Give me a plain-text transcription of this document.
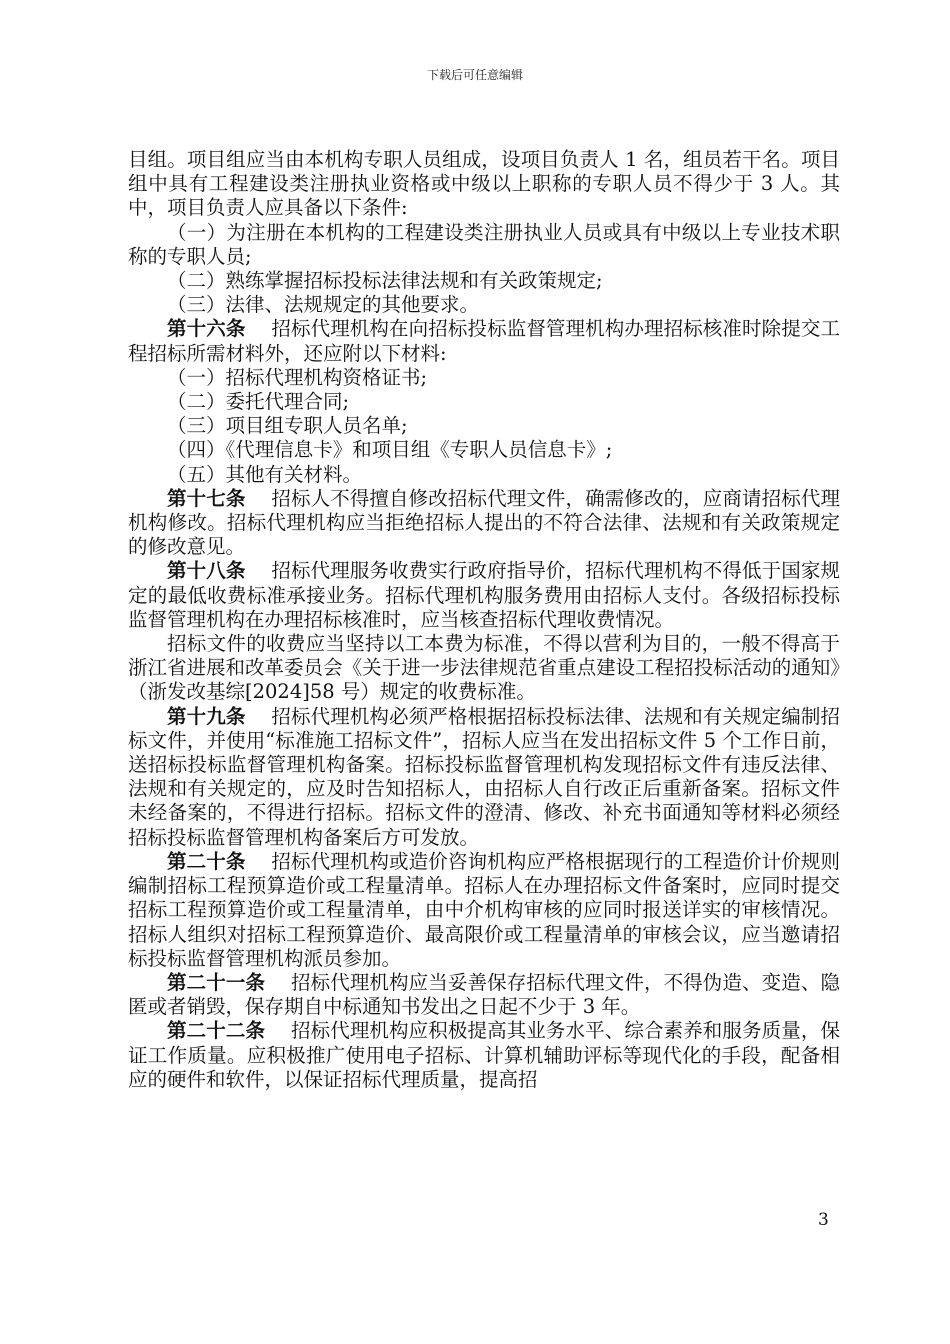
下载后可任意编辑

目组。项目组应当由本机构专职人员组成，设项目负责人 1 名，组员若干名。项目组中具有工程建设类注册执业资格或中级以上职称的专职人员不得少于 3 人。其中，项目负责人应具备以下条件:

（一）为注册在本机构的工程建设类注册执业人员或具有中级以上专业技术职称的专职人员;

（二）熟练掌握招标投标法律法规和有关政策规定;

（三）法律、法规规定的其他要求。

第十六条　 招标代理机构在向招标投标监督管理机构办理招标核准时除提交工程招标所需材料外，还应附以下材料:

（一）招标代理机构资格证书;

（二）委托代理合同;

（三）项目组专职人员名单;

（四）《代理信息卡》和项目组《专职人员信息卡》;

（五）其他有关材料。

第十七条　 招标人不得擅自修改招标代理文件，确需修改的，应商请招标代理机构修改。招标代理机构应当拒绝招标人提出的不符合法律、法规和有关政策规定的修改意见。

第十八条　 招标代理服务收费实行政府指导价，招标代理机构不得低于国家规定的最低收费标准承接业务。招标代理机构服务费用由招标人支付。各级招标投标监督管理机构在办理招标核准时，应当核查招标代理收费情况。

招标文件的收费应当坚持以工本费为标准，不得以营利为目的，一般不得高于浙江省进展和改革委员会《关于进一步法律规范省重点建设工程招投标活动的通知》（浙发改基综[2024]58 号）规定的收费标准。

第十九条　 招标代理机构必须严格根据招标投标法律、法规和有关规定编制招标文件，并使用“标准施工招标文件”，招标人应当在发出招标文件 5 个工作日前，送招标投标监督管理机构备案。招标投标监督管理机构发现招标文件有违反法律、法规和有关规定的，应及时告知招标人，由招标人自行改正后重新备案。招标文件未经备案的，不得进行招标。招标文件的澄清、修改、补充书面通知等材料必须经招标投标监督管理机构备案后方可发放。

第二十条　 招标代理机构或造价咨询机构应严格根据现行的工程造价计价规则编制招标工程预算造价或工程量清单。招标人在办理招标文件备案时，应同时提交招标工程预算造价或工程量清单，由中介机构审核的应同时报送详实的审核情况。招标人组织对招标工程预算造价、最高限价或工程量清单的审核会议，应当邀请招标投标监督管理机构派员参加。

第二十一条　 招标代理机构应当妥善保存招标代理文件，不得伪造、变造、隐匿或者销毁，保存期自中标通知书发出之日起不少于 3 年。

第二十二条　 招标代理机构应积极提高其业务水平、综合素养和服务质量，保证工作质量。应积极推广使用电子招标、计算机辅助评标等现代化的手段，配备相应的硬件和软件，以保证招标代理质量，提高招

3
